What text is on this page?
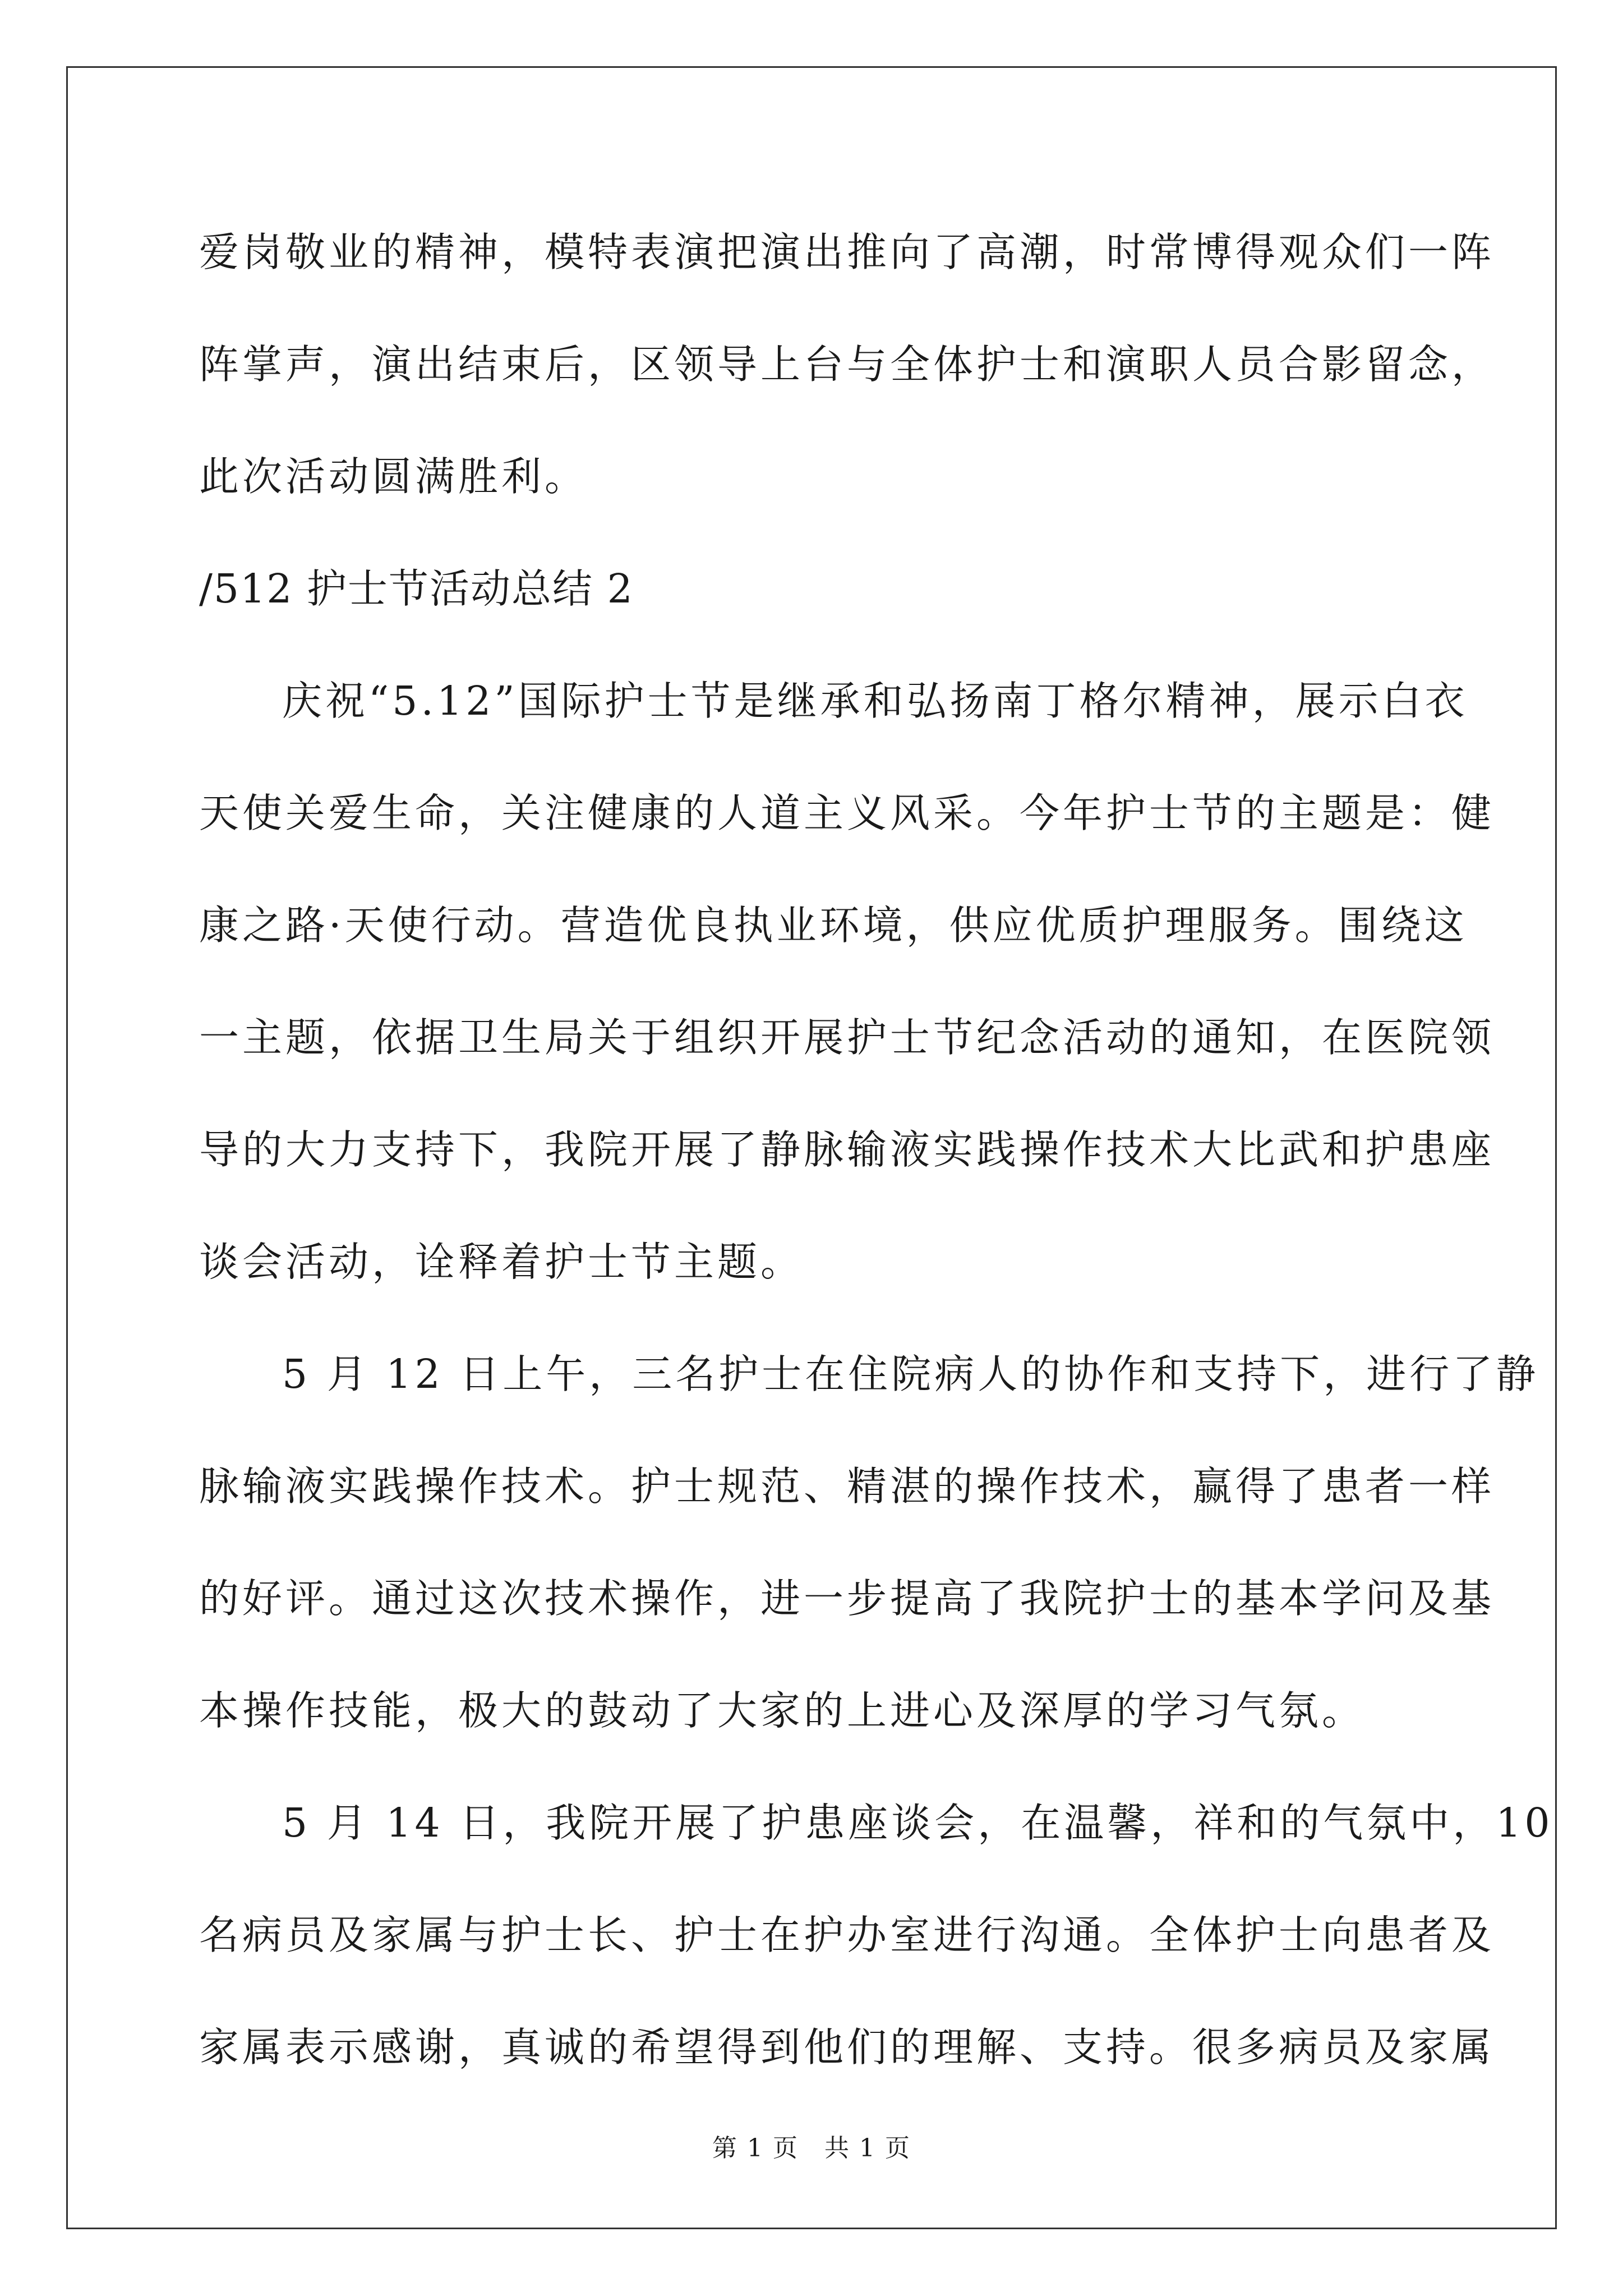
爱岗敬业的精神，模特表演把演出推向了高潮，时常博得观众们一阵
阵掌声，演出结束后，区领导上台与全体护士和演职人员合影留念，
此次活动圆满胜利。
/512 护士节活动总结 2
庆祝“5.12”国际护士节是继承和弘扬南丁格尔精神，展示白衣
天使关爱生命，关注健康的人道主义风采。今年护士节的主题是：健
康之路·天使行动。营造优良执业环境，供应优质护理服务。围绕这
一主题，依据卫生局关于组织开展护士节纪念活动的通知，在医院领
导的大力支持下，我院开展了静脉输液实践操作技术大比武和护患座
谈会活动，诠释着护士节主题。
5 月 12 日上午，三名护士在住院病人的协作和支持下，进行了静
脉输液实践操作技术。护士规范、精湛的操作技术，赢得了患者一样
的好评。通过这次技术操作，进一步提高了我院护士的基本学问及基
本操作技能，极大的鼓动了大家的上进心及深厚的学习气氛。
5 月 14 日，我院开展了护患座谈会，在温馨，祥和的气氛中，10
名病员及家属与护士长、护士在护办室进行沟通。全体护士向患者及
家属表示感谢，真诚的希望得到他们的理解、支持。很多病员及家属
第 1 页　共 1 页
